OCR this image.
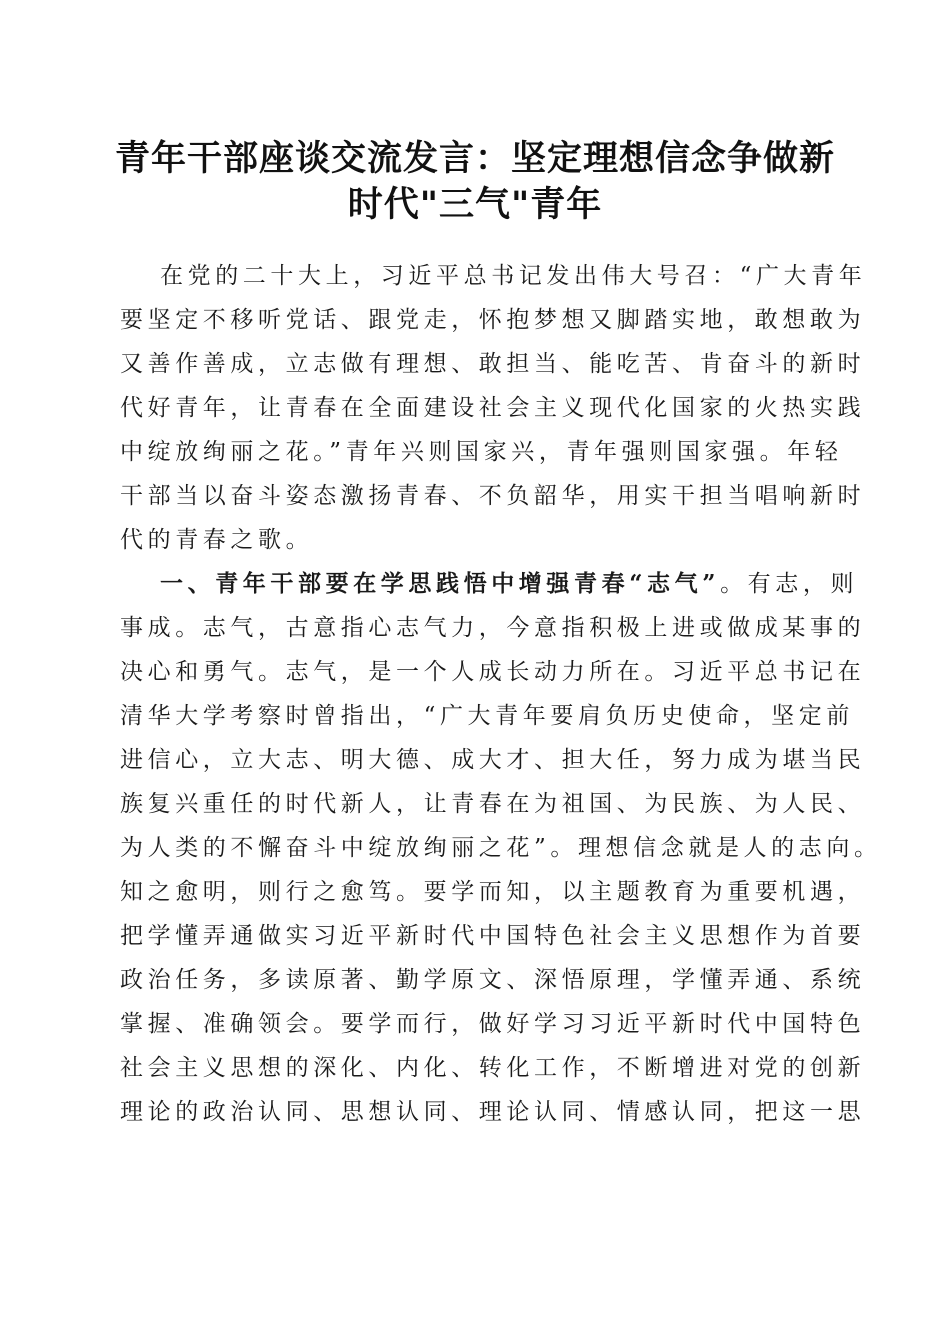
青年干部座谈交流发言：坚定理想信念争做新
时代"三气"青年
在党的二十大上，习近平总书记发出伟大号召：“广大青年
要坚定不移听党话、跟党走，怀抱梦想又脚踏实地，敢想敢为
又善作善成，立志做有理想、敢担当、能吃苦、肯奋斗的新时
代好青年，让青春在全面建设社会主义现代化国家的火热实践
中绽放绚丽之花。”青年兴则国家兴，青年强则国家强。年轻
干部当以奋斗姿态激扬青春、不负韶华，用实干担当唱响新时
代的青春之歌。
一、青年干部要在学思践悟中增强青春“志气”。有志，则
事成。志气，古意指心志气力，今意指积极上进或做成某事的
决心和勇气。志气，是一个人成长动力所在。习近平总书记在
清华大学考察时曾指出，“广大青年要肩负历史使命，坚定前
进信心，立大志、明大德、成大才、担大任，努力成为堪当民
族复兴重任的时代新人，让青春在为祖国、为民族、为人民、
为人类的不懈奋斗中绽放绚丽之花”。理想信念就是人的志向。
知之愈明，则行之愈笃。要学而知，以主题教育为重要机遇，
把学懂弄通做实习近平新时代中国特色社会主义思想作为首要
政治任务，多读原著、勤学原文、深悟原理，学懂弄通、系统
掌握、准确领会。要学而行，做好学习习近平新时代中国特色
社会主义思想的深化、内化、转化工作，不断增进对党的创新
理论的政治认同、思想认同、理论认同、情感认同，把这一思
